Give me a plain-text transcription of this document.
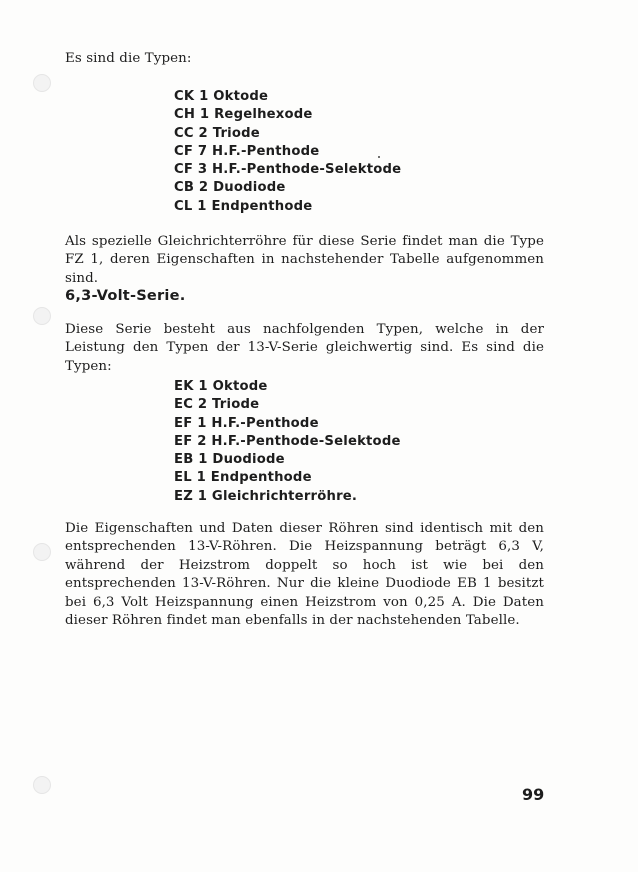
Es sind die Typen:

CK 1 Oktode
CH 1 Regelhexode
CC 2 Triode
CF 7 H.F.-Penthode
CF 3 H.F.-Penthode-Selektode
CB 2 Duodiode
CL 1 Endpenthode

Als spezielle Gleichrichterröhre für diese Serie findet man die Type FZ 1, deren Eigenschaften in nachstehender Tabelle aufgenommen sind.

6,3-Volt-Serie.

Diese Serie besteht aus nachfolgenden Typen, welche in der Leistung den Typen der 13-V-Serie gleichwertig sind. Es sind die Typen:

EK 1 Oktode
EC 2 Triode
EF 1 H.F.-Penthode
EF 2 H.F.-Penthode-Selektode
EB 1 Duodiode
EL 1 Endpenthode
EZ 1 Gleichrichterröhre.

Die Eigenschaften und Daten dieser Röhren sind identisch mit den entsprechenden 13-V-Röhren. Die Heizspannung beträgt 6,3 V, während der Heizstrom doppelt so hoch ist wie bei den entsprechenden 13-V-Röhren. Nur die kleine Duodiode EB 1 besitzt bei 6,3 Volt Heizspannung einen Heizstrom von 0,25 A. Die Daten dieser Röhren findet man ebenfalls in der nachstehenden Tabelle.

99
